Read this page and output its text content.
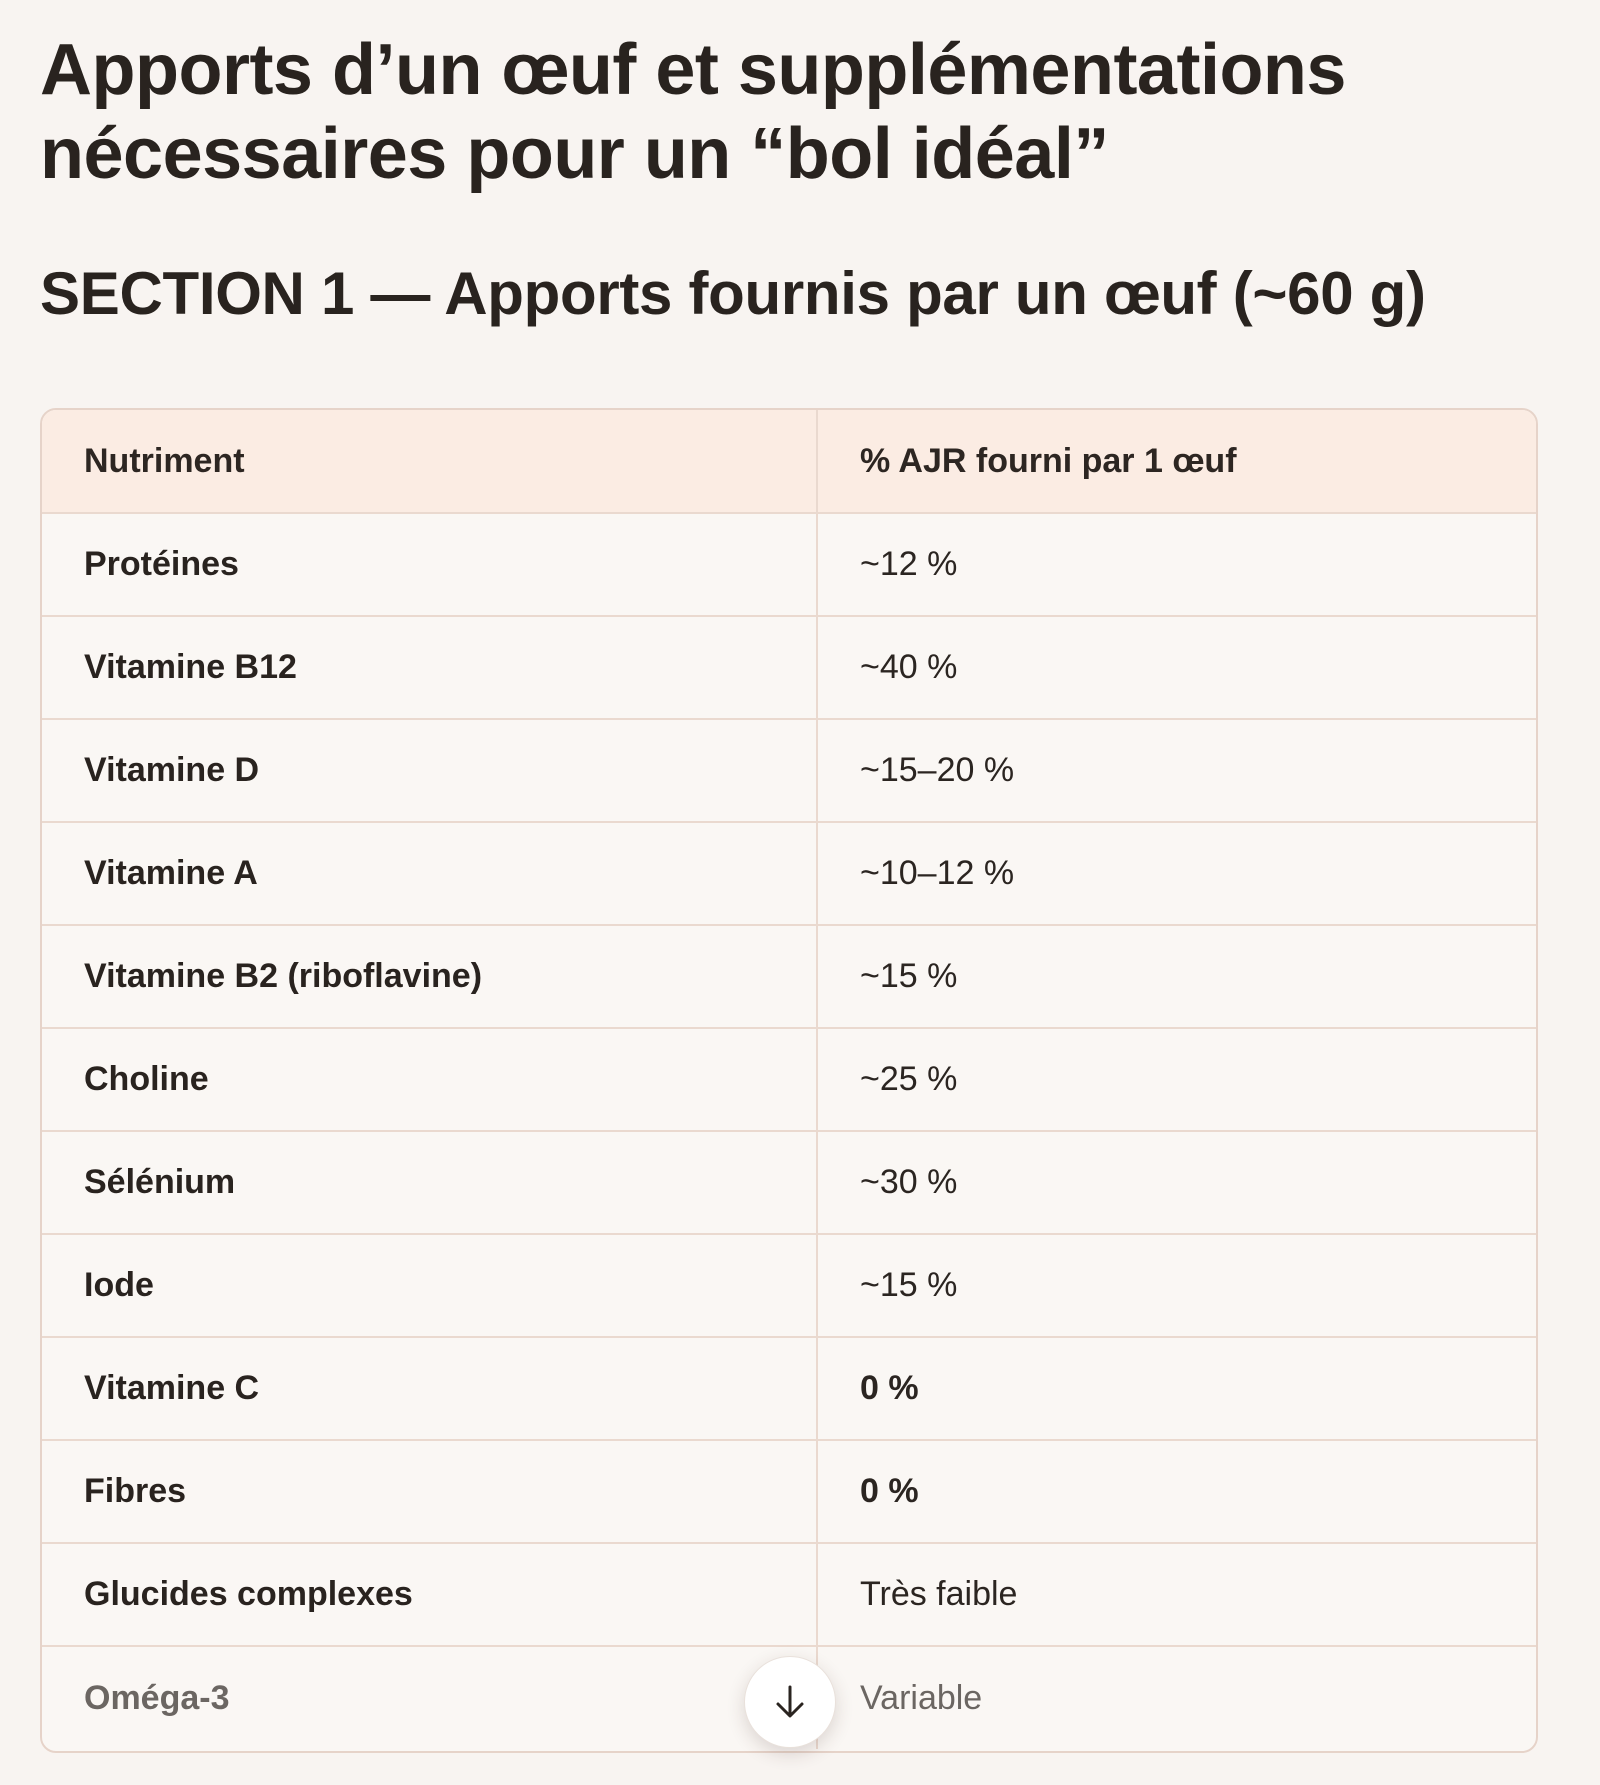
Apports d’un œuf et supplémentations nécessaires pour un “bol idéal”
SECTION 1 — Apports fournis par un œuf (~60 g)
Nutriment	% AJR fourni par 1 œuf
Protéines	~12 %
Vitamine B12	~40 %
Vitamine D	~15–20 %
Vitamine A	~10–12 %
Vitamine B2 (riboflavine)	~15 %
Choline	~25 %
Sélénium	~30 %
Iode	~15 %
Vitamine C	0 %
Fibres	0 %
Glucides complexes	Très faible
Oméga-3	Variable
